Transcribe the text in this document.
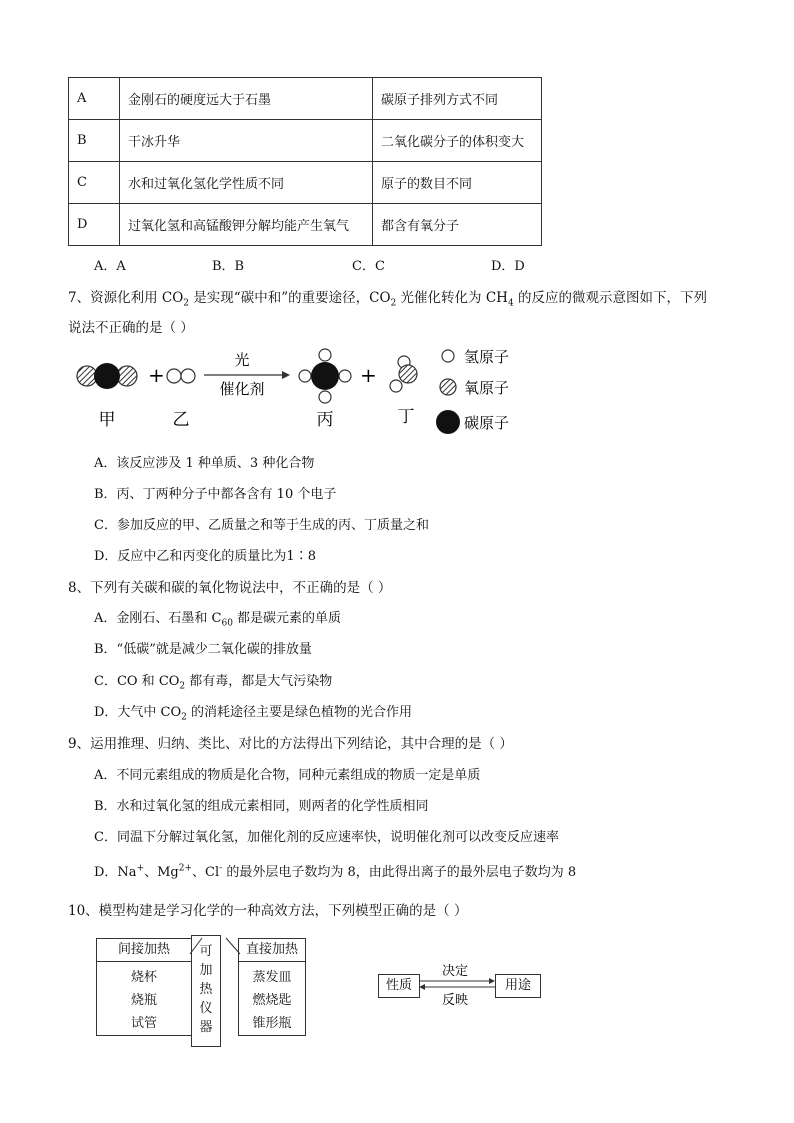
A	金刚石的硬度远大于石墨	碳原子排列方式不同
B	干冰升华	二氧化碳分子的体积变大
C	水和过氧化氢化学性质不同	原子的数目不同
D	过氧化氢和高锰酸钾分解均能产生氧气	都含有氧分子
A．A	B．B	C．C	D．D
7、资源化利用 $CO_2$ 是实现“碳中和”的重要途径，$CO_2$ 光催化转化为 $CH_4$ 的反应的微观示意图如下，下列
说法不正确的是（ ）
+
光
催化剂
+
甲	乙	丙	丁
氢原子
氧原子
碳原子
A．该反应涉及 1 种单质、3 种化合物
B．丙、丁两种分子中都各含有 10 个电子
C．参加反应的甲、乙质量之和等于生成的丙、丁质量之和
D．反应中乙和丙变化的质量比为1∶8
8、下列有关碳和碳的氧化物说法中，不正确的是（ ）
A．金刚石、石墨和 $C_{60}$ 都是碳元素的单质
B．“低碳”就是减少二氧化碳的排放量
C．CO 和 $CO_2$ 都有毒，都是大气污染物
D．大气中 $CO_2$ 的消耗途径主要是绿色植物的光合作用
9、运用推理、归纳、类比、对比的方法得出下列结论，其中合理的是（ ）
A．不同元素组成的物质是化合物，同种元素组成的物质一定是单质
B．水和过氧化氢的组成元素相同，则两者的化学性质相同
C．同温下分解过氧化氢，加催化剂的反应速率快，说明催化剂可以改变反应速率
D．Na+、$Mg^{2+}$、Cl- 的最外层电子数均为 8，由此得出离子的最外层电子数均为 8
10、模型构建是学习化学的一种高效方法，下列模型正确的是（ ）
间接加热
烧杯
烧瓶
试管
可
加
热
仪
器
直接加热
蒸发皿
燃烧匙
锥形瓶
性质	用途
决定
反映
